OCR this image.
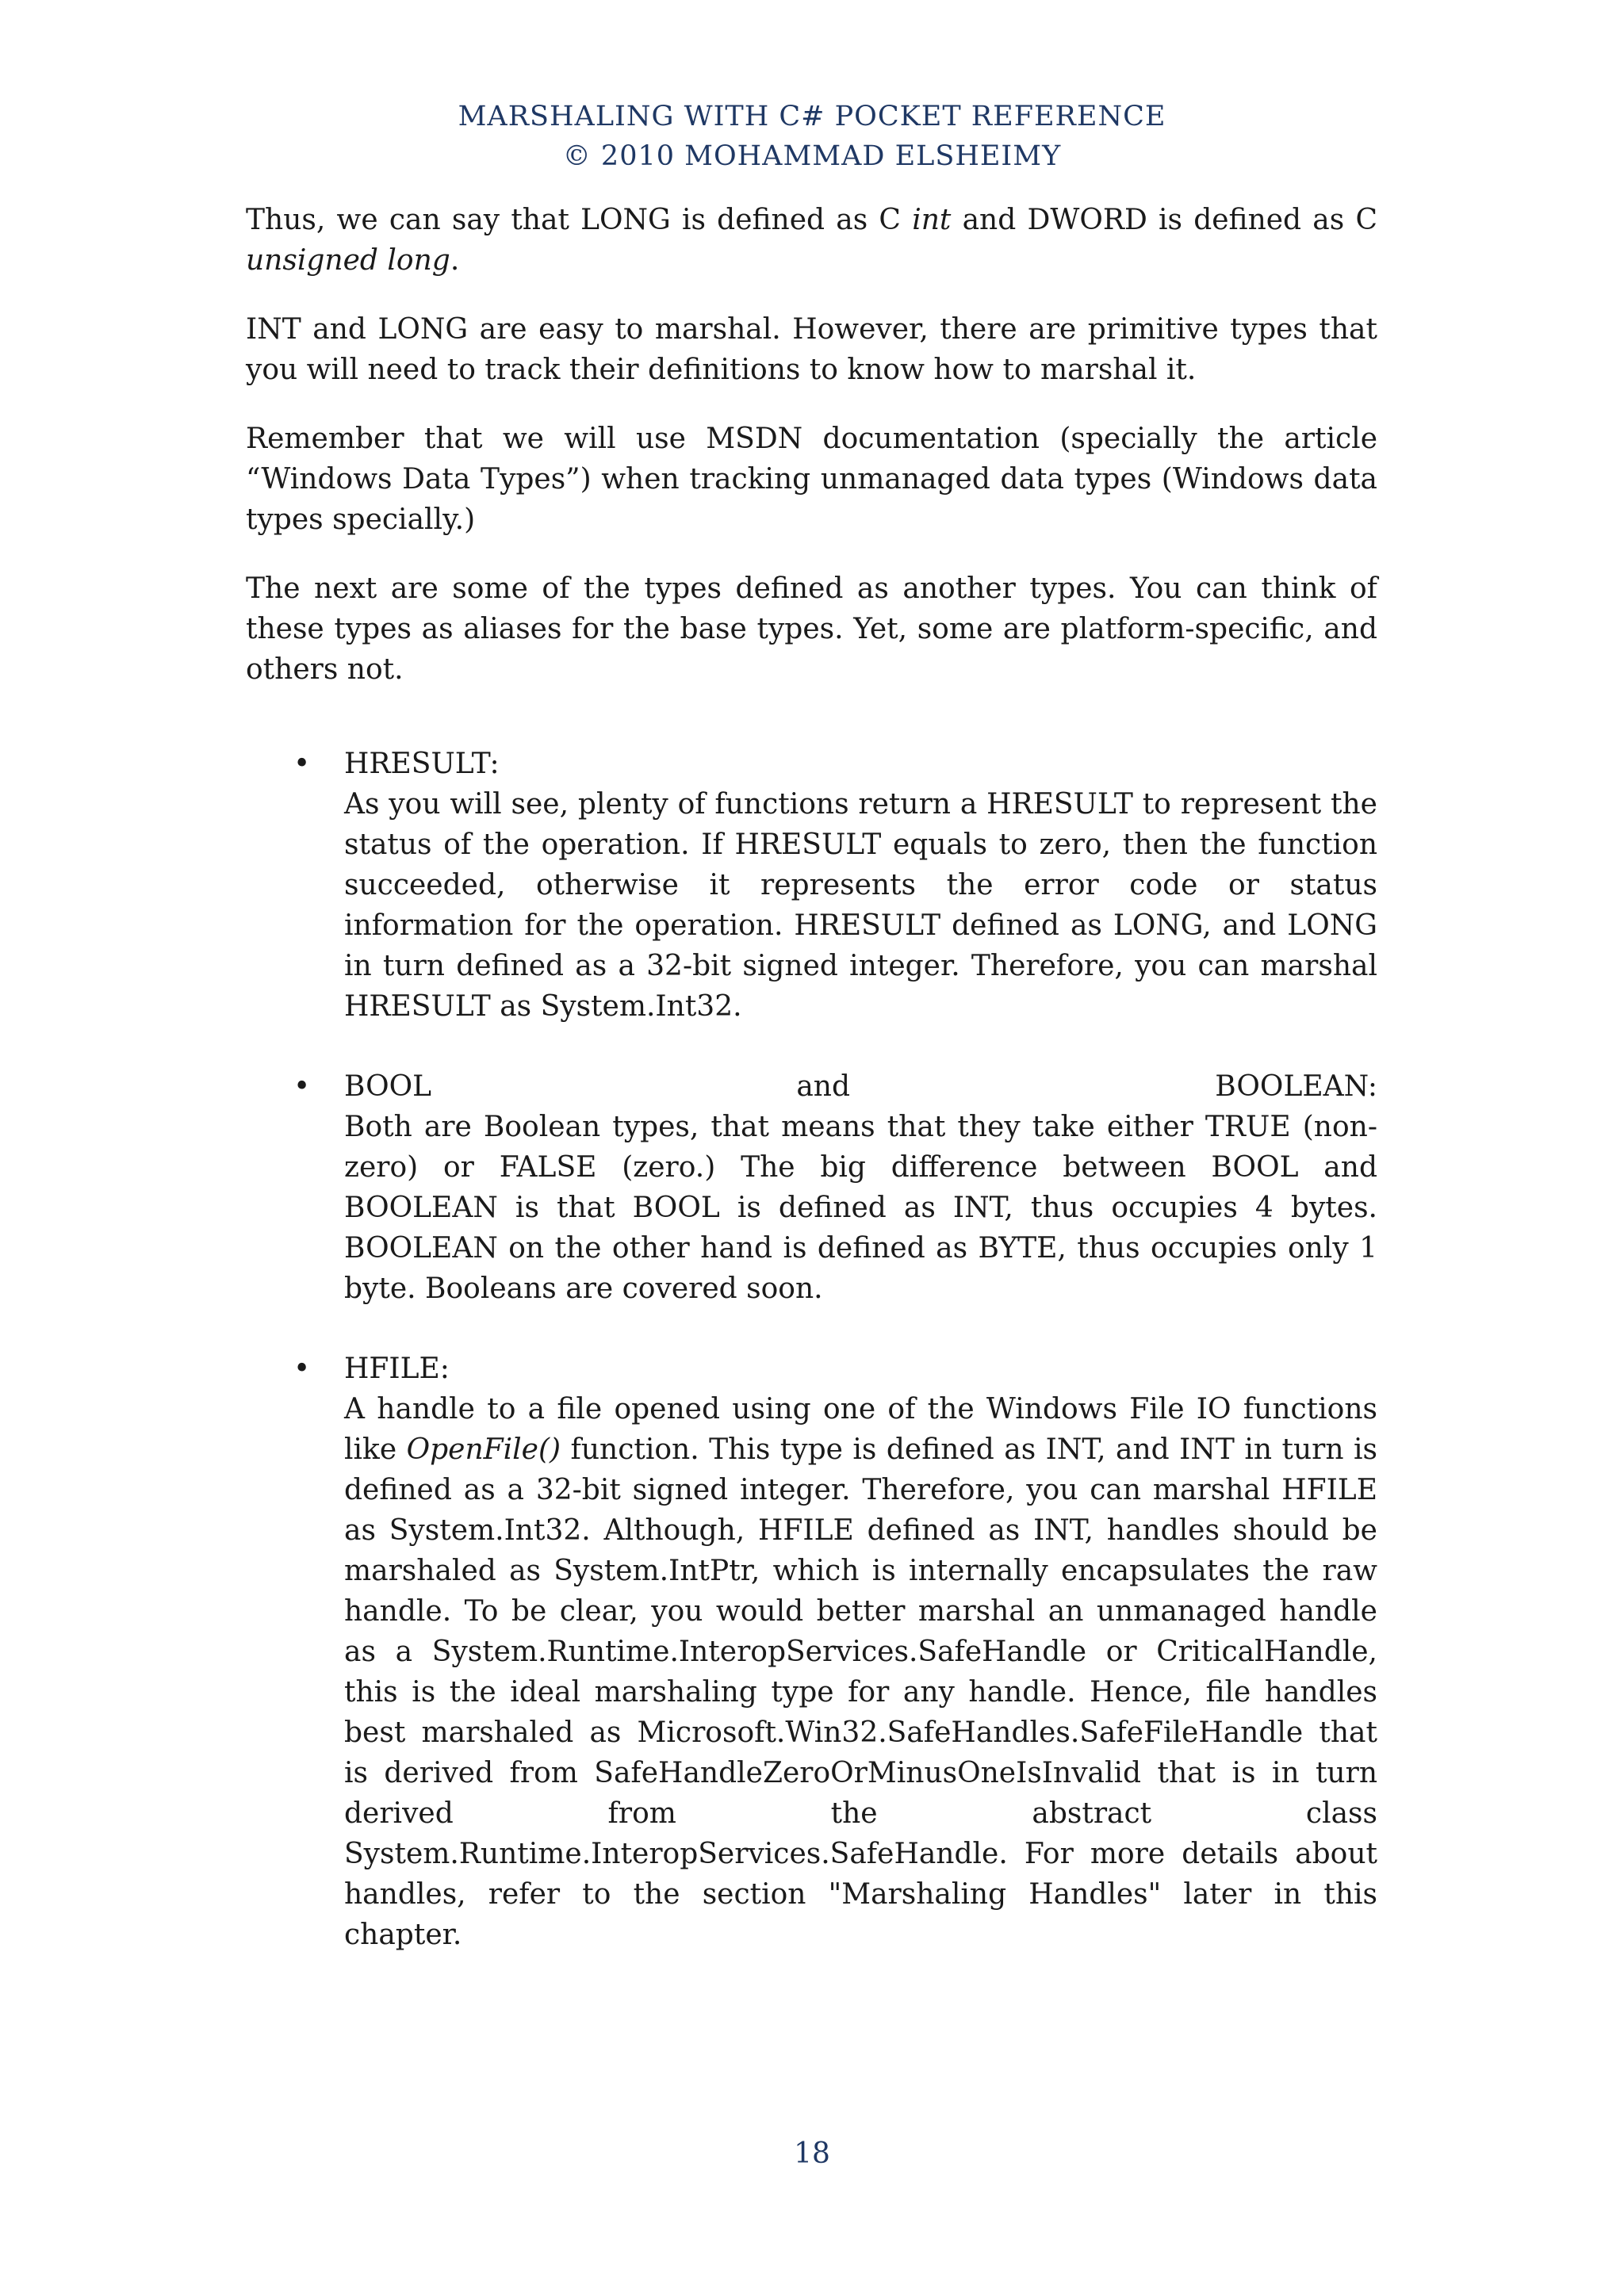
MARSHALING WITH C# POCKET REFERENCE
© 2010 MOHAMMAD ELSHEIMY

Thus, we can say that LONG is defined as C int and DWORD is defined as C unsigned long.

INT and LONG are easy to marshal. However, there are primitive types that you will need to track their definitions to know how to marshal it.

Remember that we will use MSDN documentation (specially the article “Windows Data Types”) when tracking unmanaged data types (Windows data types specially.)

The next are some of the types defined as another types. You can think of these types as aliases for the base types. Yet, some are platform-specific, and others not.

• HRESULT:
As you will see, plenty of functions return a HRESULT to represent the status of the operation. If HRESULT equals to zero, then the function succeeded, otherwise it represents the error code or status information for the operation. HRESULT defined as LONG, and LONG in turn defined as a 32-bit signed integer. Therefore, you can marshal HRESULT as System.Int32.
• BOOL	and	BOOLEAN:
Both are Boolean types, that means that they take either TRUE (non-zero) or FALSE (zero.) The big difference between BOOL and BOOLEAN is that BOOL is defined as INT, thus occupies 4 bytes. BOOLEAN on the other hand is defined as BYTE, thus occupies only 1 byte. Booleans are covered soon.
• HFILE:
A handle to a file opened using one of the Windows File IO functions like OpenFile() function. This type is defined as INT, and INT in turn is defined as a 32-bit signed integer. Therefore, you can marshal HFILE as System.Int32. Although, HFILE defined as INT, handles should be marshaled as System.IntPtr, which is internally encapsulates the raw handle. To be clear, you would better marshal an unmanaged handle as a System.Runtime.InteropServices.SafeHandle or CriticalHandle, this is the ideal marshaling type for any handle. Hence, file handles best marshaled as Microsoft.Win32.SafeHandles.SafeFileHandle that is derived from SafeHandleZeroOrMinusOneIsInvalid that is in turn derived from the abstract class System.Runtime.InteropServices.SafeHandle. For more details about handles, refer to the section "Marshaling Handles" later in this chapter.
18
